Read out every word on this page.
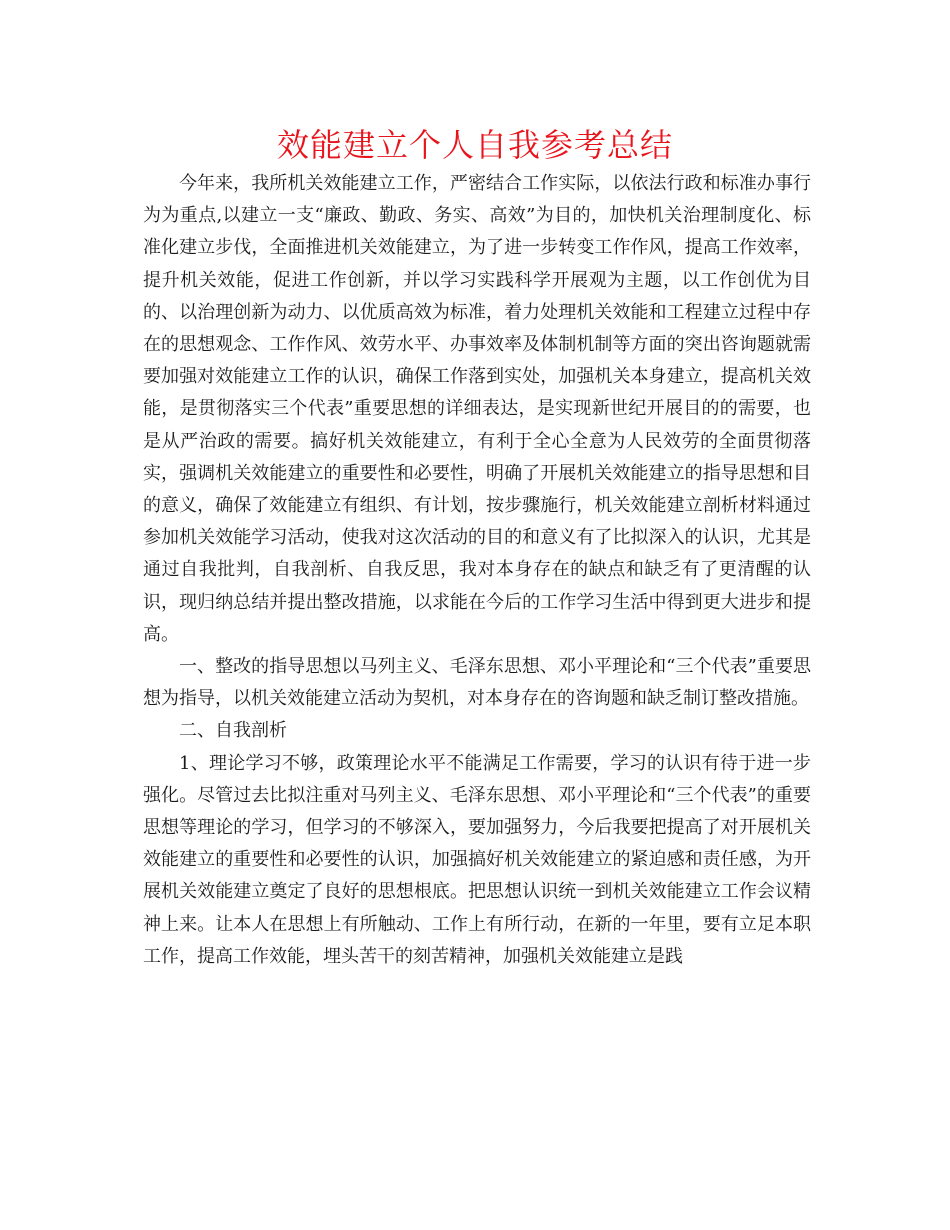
效能建立个人自我参考总结

今年来，我所机关效能建立工作，严密结合工作实际，以依法行政和标准办事行为为重点,以建立一支“廉政、勤政、务实、高效”为目的，加快机关治理制度化、标准化建立步伐，全面推进机关效能建立，为了进一步转变工作作风，提高工作效率，提升机关效能，促进工作创新，并以学习实践科学开展观为主题，以工作创优为目的、以治理创新为动力、以优质高效为标准，着力处理机关效能和工程建立过程中存在的思想观念、工作作风、效劳水平、办事效率及体制机制等方面的突出咨询题就需要加强对效能建立工作的认识，确保工作落到实处，加强机关本身建立，提高机关效能，是贯彻落实三个代表”重要思想的详细表达，是实现新世纪开展目的的需要，也是从严治政的需要。搞好机关效能建立，有利于全心全意为人民效劳的全面贯彻落实，强调机关效能建立的重要性和必要性，明确了开展机关效能建立的指导思想和目的意义，确保了效能建立有组织、有计划，按步骤施行，机关效能建立剖析材料通过参加机关效能学习活动，使我对这次活动的目的和意义有了比拟深入的认识，尤其是通过自我批判，自我剖析、自我反思，我对本身存在的缺点和缺乏有了更清醒的认识，现归纳总结并提出整改措施，以求能在今后的工作学习生活中得到更大进步和提高。

一、整改的指导思想以马列主义、毛泽东思想、邓小平理论和“三个代表”重要思想为指导，以机关效能建立活动为契机，对本身存在的咨询题和缺乏制订整改措施。

二、自我剖析

1、理论学习不够，政策理论水平不能满足工作需要，学习的认识有待于进一步强化。尽管过去比拟注重对马列主义、毛泽东思想、邓小平理论和“三个代表”的重要思想等理论的学习，但学习的不够深入，要加强努力，今后我要把提高了对开展机关效能建立的重要性和必要性的认识，加强搞好机关效能建立的紧迫感和责任感，为开展机关效能建立奠定了良好的思想根底。把思想认识统一到机关效能建立工作会议精神上来。让本人在思想上有所触动、工作上有所行动，在新的一年里，要有立足本职工作，提高工作效能，埋头苦干的刻苦精神，加强机关效能建立是践
